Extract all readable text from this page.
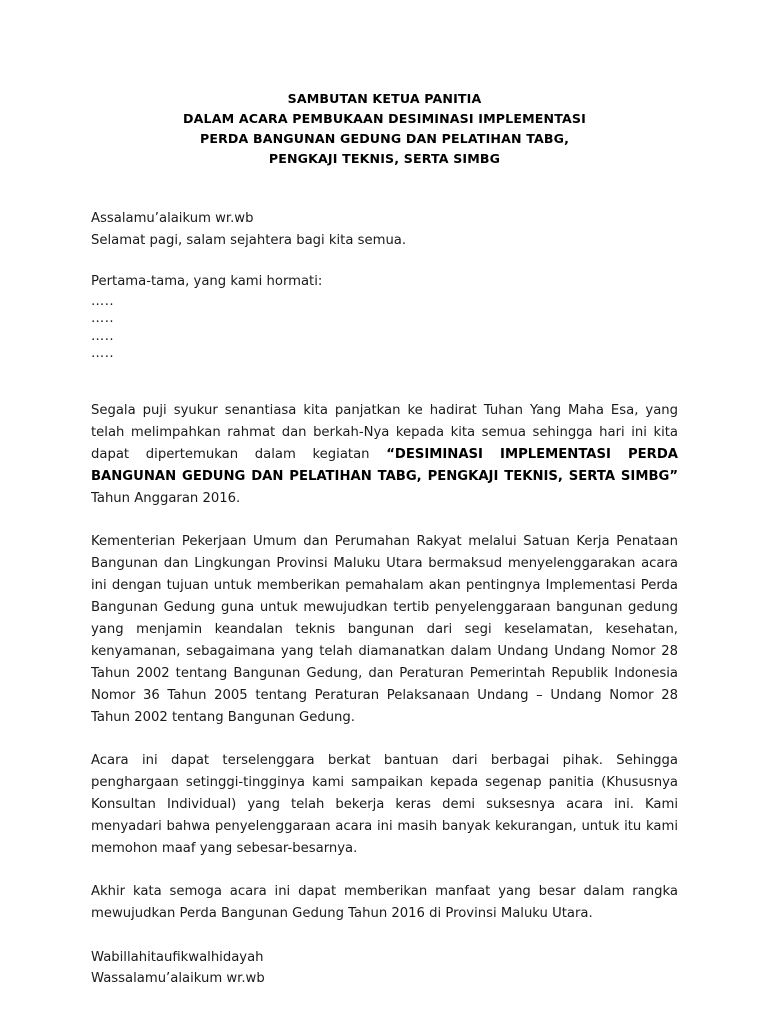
SAMBUTAN KETUA PANITIA
DALAM ACARA PEMBUKAAN DESIMINASI IMPLEMENTASI
PERDA BANGUNAN GEDUNG DAN PELATIHAN TABG,
PENGKAJI TEKNIS, SERTA SIMBG
Assalamu’alaikum wr.wb
Selamat pagi, salam sejahtera bagi kita semua.
Pertama-tama, yang kami hormati:
…..
…..
…..
…..

Segala puji syukur senantiasa kita panjatkan ke hadirat Tuhan Yang Maha Esa, yang telah melimpahkan rahmat dan berkah-Nya kepada kita semua sehingga hari ini kita dapat dipertemukan dalam kegiatan “DESIMINASI IMPLEMENTASI PERDA BANGUNAN GEDUNG DAN PELATIHAN TABG, PENGKAJI TEKNIS, SERTA SIMBG” Tahun Anggaran 2016.

Kementerian Pekerjaan Umum dan Perumahan Rakyat melalui Satuan Kerja Penataan Bangunan dan Lingkungan Provinsi Maluku Utara bermaksud menyelenggarakan acara ini dengan tujuan untuk memberikan pemahalam akan pentingnya Implementasi Perda Bangunan Gedung guna untuk mewujudkan tertib penyelenggaraan bangunan gedung yang menjamin keandalan teknis bangunan dari segi keselamatan, kesehatan, kenyamanan, sebagaimana yang telah diamanatkan dalam Undang Undang Nomor 28 Tahun 2002 tentang Bangunan Gedung, dan Peraturan Pemerintah Republik Indonesia Nomor 36 Tahun 2005 tentang Peraturan Pelaksanaan Undang – Undang Nomor 28 Tahun 2002 tentang Bangunan Gedung.

Acara ini dapat terselenggara berkat bantuan dari berbagai pihak. Sehingga penghargaan setinggi-tingginya kami sampaikan kepada segenap panitia (Khususnya Konsultan Individual) yang telah bekerja keras demi suksesnya acara ini. Kami menyadari bahwa penyelenggaraan acara ini masih banyak kekurangan, untuk itu kami memohon maaf yang sebesar-besarnya.

Akhir kata semoga acara ini dapat memberikan manfaat yang besar dalam rangka mewujudkan Perda Bangunan Gedung Tahun 2016 di Provinsi Maluku Utara.

Wabillahitaufikwalhidayah
Wassalamu’alaikum wr.wb
